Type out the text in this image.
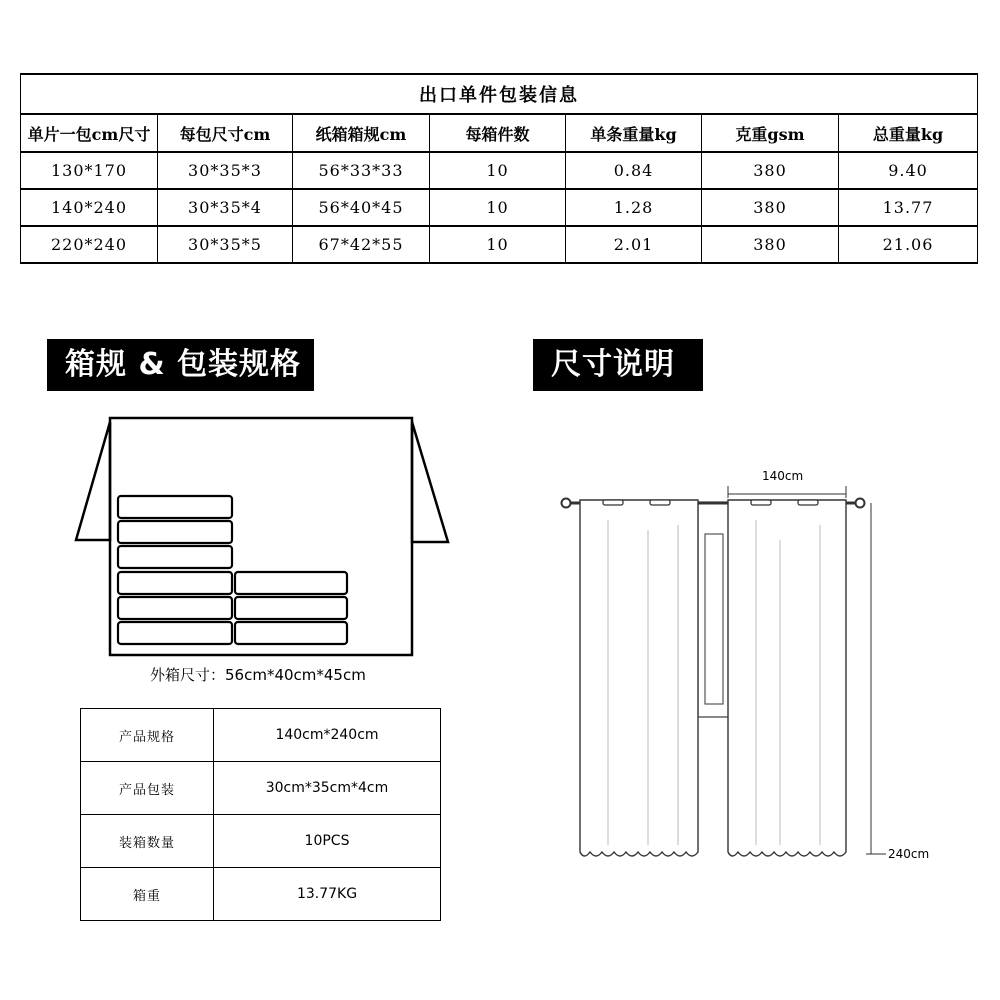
出口单件包装信息						
单片一包cm尺寸	每包尺寸cm	纸箱箱规cm	每箱件数	单条重量kg	克重gsm	总重量kg
130*170	30*35*3	56*33*33	10	0.84	380	9.40
140*240	30*35*4	56*40*45	10	1.28	380	13.77
220*240	30*35*5	67*42*55	10	2.01	380	21.06
箱规 & 包装规格	尺寸说明
外箱尺寸：56cm*40cm*45cm
产品规格	140cm*240cm
产品包装	30cm*35cm*4cm
装箱数量	10PCS
箱重	13.77KG
140cm
240cm
